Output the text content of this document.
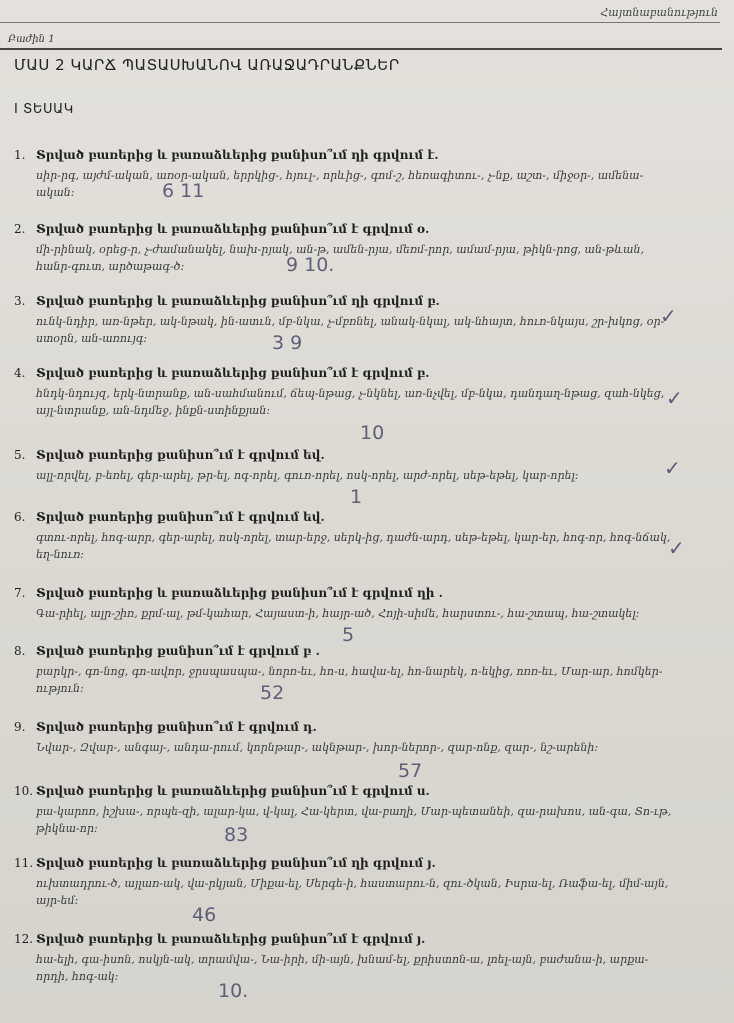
Հայտնաբանություն
Բաժին 1
ՄԱՍ 2 ԿԱՐՃ ՊԱՏԱՍԽԱՆՈՎ ԱՌԱՋԱԴՐԱՆՔՆԵՐ
I ՏԵՍԱԿ
1. Տրված բառերից և բառաձևերից քանիսո՞ւմ ղի գրվում է.
սիր-րգ, այժմ-ական, առօր-ական, երրկից-, հյուլ-, որևից-, գոմ-շ, հեռագիտու-, չ-նք, աշտ-, միջօր-, ամենա-ական:	6 11
2. Տրված բառերից և բառաձևերից քանիսո՞ւմ է գրվում օ.
մի-րինակ, օրեց-ր, չ-ժամանակել, նախ-րյակ, ան-թ, ամեն-րյա, մեռմ-րոր, ամամ-րյա, թիկն-րոց, ան-թևան, հանր-գուտ, արծաթագ-ծ:	9 10.
3. Տրված բառերից և բառաձևերից քանիսո՞ւմ ղի գրվում բ.
ունկ-նդիր, առ-նթեր, ակ-նթակ, ին-ատւն, մբ-նկա, չ-մբռնել, անակ-նկալ, ակ-նհայտ, հուռ-նկայս, շր-խկոց, օր-ստօրն, ան-առույգ:	3 9
✓
4. Տրված բառերից և բառաձևերից քանիսո՞ւմ է գրվում բ.
հնդկ-նդույզ, երկ-նտրանք, ան-սահմանում, ճեպ-նթաց, չ-նկնել, առ-նչվել, մբ-նկա, դանդաղ-նթաց, զահ-նկեց, այլ-նտրանք, ան-նդմեջ, ինքն-ստինքյան:
10
✓
5. Տրված բառերից քանիսո՞ւմ է գրվում եվ.
ալլ-որվել, բ-եռել, գեր-արել, թր-ել, ոգ-որել, գուռ-որել, ոսկ-որել, արժ-որել, սեթ-եթել, կար-որել:
1
✓
6. Տրված բառերից քանիսո՞ւմ է գրվում եվ.
գտու-որել, հոգ-արր, գեր-արել, ոսկ-որել, տար-երջ, սերկ-ից, դաժն-արդ, սեթ-եթել, կար-եր, հոգ-որ, հոգ-նճակ, եղ-նուռ:	✓
7. Տրված բառերից և բառաձևերից քանիսո՞ւմ է գրվում ղի .
Գա-րիել, ալր-շիռ, քրմ-ալ, թմ-կահար, Հայաստ-ի, հայր-ած, Հոյի-սիմե, հարստու-, հա-շտապ, հա-շտակել:
5
8. Տրված բառերից քանիսո՞ւմ է գրվում բ .
բարկր-, գո-նոց, գո-ավոր, ջրսպասպա-, նորռ-եւ, հո-ս, հավա-ել, հո-նարեկ, ո-եկից, ոռռ-եւ, Մար-ար, հոմկեր-ություն:	52
9. Տրված բառերից քանիսո՞ւմ է գրվում դ.
Նվար-, Զվար-, անգայ-, անդա-րում, կորնթար-, ակնթար-, խոր-ներոր-, զար-ոնք, զար-, նշ-արենի:
57
10. Տրված բառերից և բառաձևերից քանիսո՞ւմ է գրվում ս.
բա-կարոռ, իշխա-, որպե-զի, ալար-կա, վ-կալ, Հա-կերտ, վա-բաղի, Մար-պետանեի, զա-րախոս, ան-գա, Տո-ւթ, թիկնա-որ:	83
11. Տրված բառերից և բառաձևերից քանիսո՞ւմ ղի գրվում յ.
ուխտադրու-ծ, այլառ-ակ, վա-րկյան, Միքա-ել, Սերգե-ի, հաստարու-ն, զու-ծկան, Իսրա-ել, Ռաֆա-ել, միմ-այն, այր-եմ:
46
12. Տրված բառերից և բառաձևերից քանիսո՞ւմ է գրվում յ.
հա-ելի, գա-իսոն, ոսկյն-ակ, տրամվա-, Նա-իրի, մի-այն, խնամ-ել, քրիստոն-ա, լոել-այն, բաժանա-ի, արքա-որդի, հոգ-ակ:
10.
